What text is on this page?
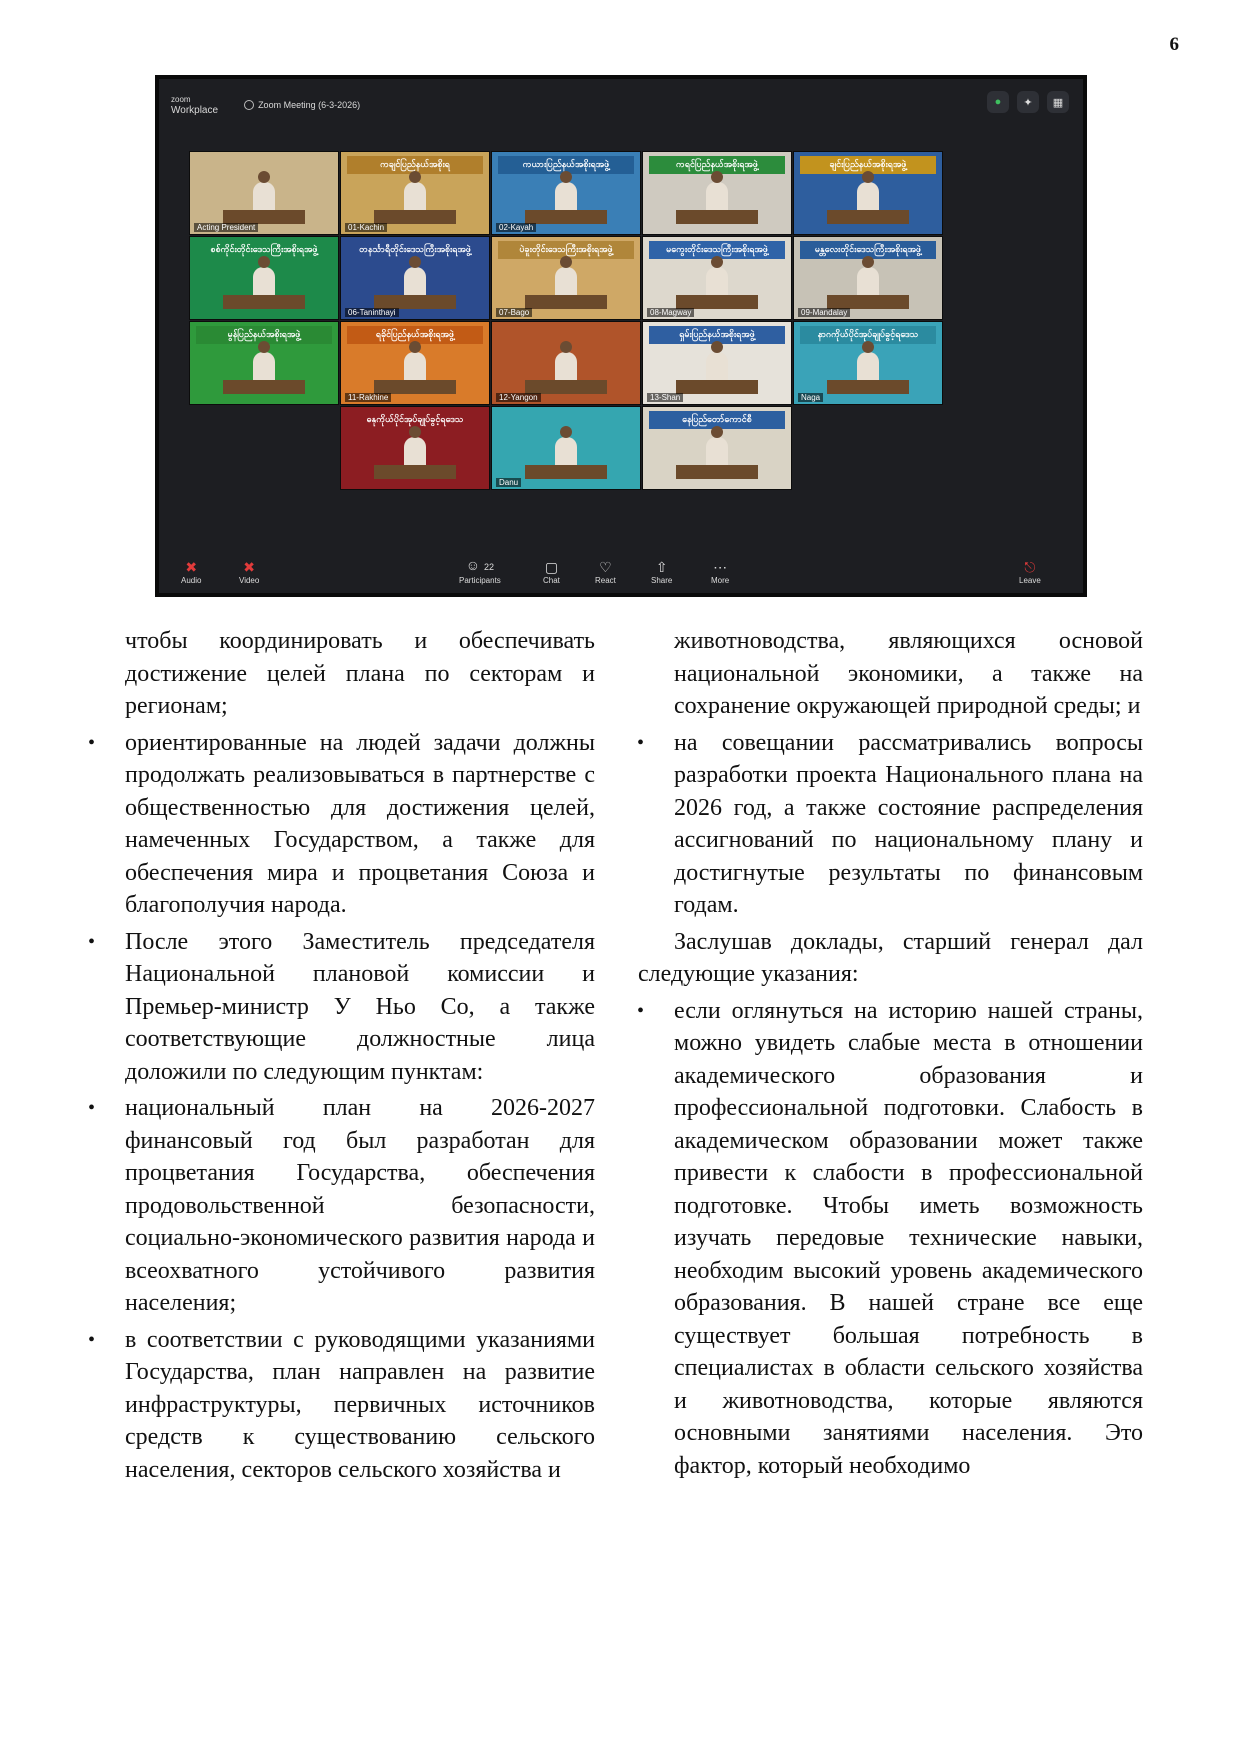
6
zoom
Workplace	Zoom Meeting (6-3-2026)	●	✦	▦
Acting President
ကချင်ပြည်နယ်အစိုးရ
01-Kachin
ကယားပြည်နယ်အစိုးရအဖွဲ့
02-Kayah
ကရင်ပြည်နယ်အစိုးရအဖွဲ့	ချင်းပြည်နယ်အစိုးရအဖွဲ့
စစ်ကိုင်းတိုင်းဒေသကြီးအစိုးရအဖွဲ့	တနင်္သာရီတိုင်းဒေသကြီးအစိုးရအဖွဲ့
06-Taninthayi
ပဲခူးတိုင်းဒေသကြီးအစိုးရအဖွဲ့
07-Bago
မကွေးတိုင်းဒေသကြီးအစိုးရအဖွဲ့
08-Magway
မန္တလေးတိုင်းဒေသကြီးအစိုးရအဖွဲ့
09-Mandalay
မွန်ပြည်နယ်အစိုးရအဖွဲ့	ရခိုင်ပြည်နယ်အစိုးရအဖွဲ့
11-Rakhine	12-Yangon
ရှမ်းပြည်နယ်အစိုးရအဖွဲ့
13-Shan
နာဂကိုယ်ပိုင်အုပ်ချုပ်ခွင့်ရဒေသ
Naga
ဓနုကိုယ်ပိုင်အုပ်ချုပ်ခွင့်ရဒေသ
Danu
နေပြည်တော်ကောင်စီ
✖
Audio
✖
Video
☺ 22
Participants
▢
Chat
♡
React
⇧
Share
⋯
More
⎋
Leave

чтобы координировать и обеспечивать достижение целей плана по секторам и регионам;

• ориентированные на людей задачи должны продолжать реализовываться в партнерстве с общественностью для достижения целей, намеченных Государством, а также для обеспечения мира и процветания Союза и благополучия народа.
• После этого Заместитель председателя Национальной плановой комиссии и Премьер-министр У Ньо Со, а также соответствующие должностные лица доложили по следующим пунктам:
• национальный план на 2026-2027 финансовый год был разработан для процветания Государства, обеспечения продовольственной безопасности, социально-экономического развития народа и всеохватного устойчивого развития населения;
• в соответствии с руководящими указаниями Государства, план направлен на развитие инфраструктуры, первичных источников средств к существованию сельского населения, секторов сельского хозяйства и

животноводства, являющихся основой национальной экономики, а также на сохранение окружающей природной среды; и

• на совещании рассматривались вопросы разработки проекта Национального плана на 2026 год, а также состояние распределения ассигнований по национальному плану и достигнутые результаты по финансовым годам.

Заслушав доклады, старший генерал дал следующие указания:

• если оглянуться на историю нашей страны, можно увидеть слабые места в отношении академического образования и профессиональной подготовки. Слабость в академическом образовании может также привести к слабости в профессиональной подготовке. Чтобы иметь возможность изучать передовые технические навыки, необходим высокий уровень академического образования. В нашей стране все еще существует большая потребность в специалистах в области сельского хозяйства и животноводства, которые являются основными занятиями населения. Это фактор, который необходимо
